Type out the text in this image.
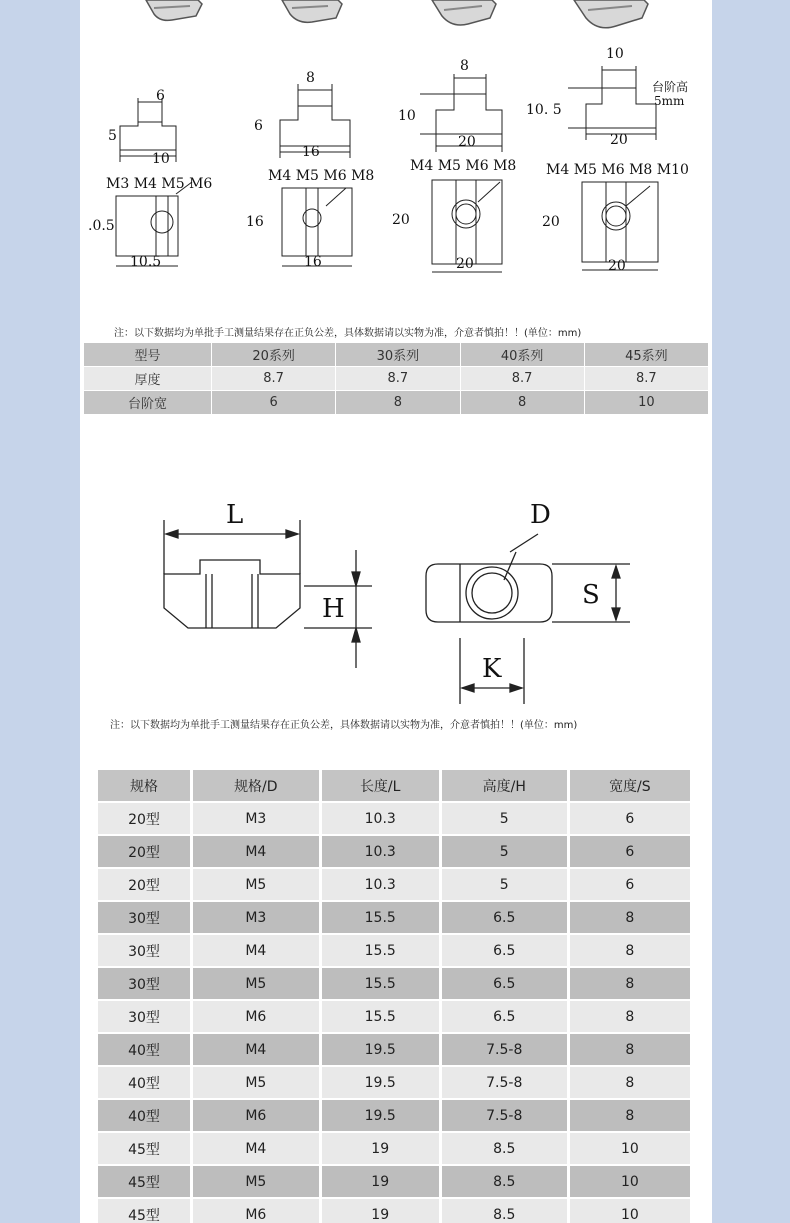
6
5
10
M3 M4 M5 M6
.0.5
10.5
8
6
16
M4 M5 M6 M8
16
16
8
10
20
M4 M5 M6 M8
20
20
10
10. 5
20
台阶高
5mm
M4 M5 M6 M8 M10
20
20
注：以下数据均为单批手工测量结果存在正负公差，具体数据请以实物为准，介意者慎拍！！(单位：mm)
型号	20系列	30系列	40系列	45系列
厚度	8.7	8.7	8.7	8.7
台阶宽	6	8	8	10
L
H
D
S
K
注：以下数据均为单批手工测量结果存在正负公差，具体数据请以实物为准，介意者慎拍！！(单位：mm)
规格	规格/D	长度/L	高度/H	宽度/S
20型	M3	10.3	5	6
20型	M4	10.3	5	6
20型	M5	10.3	5	6
30型	M3	15.5	6.5	8
30型	M4	15.5	6.5	8
30型	M5	15.5	6.5	8
30型	M6	15.5	6.5	8
40型	M4	19.5	7.5-8	8
40型	M5	19.5	7.5-8	8
40型	M6	19.5	7.5-8	8
45型	M4	19	8.5	10
45型	M5	19	8.5	10
45型	M6	19	8.5	10
